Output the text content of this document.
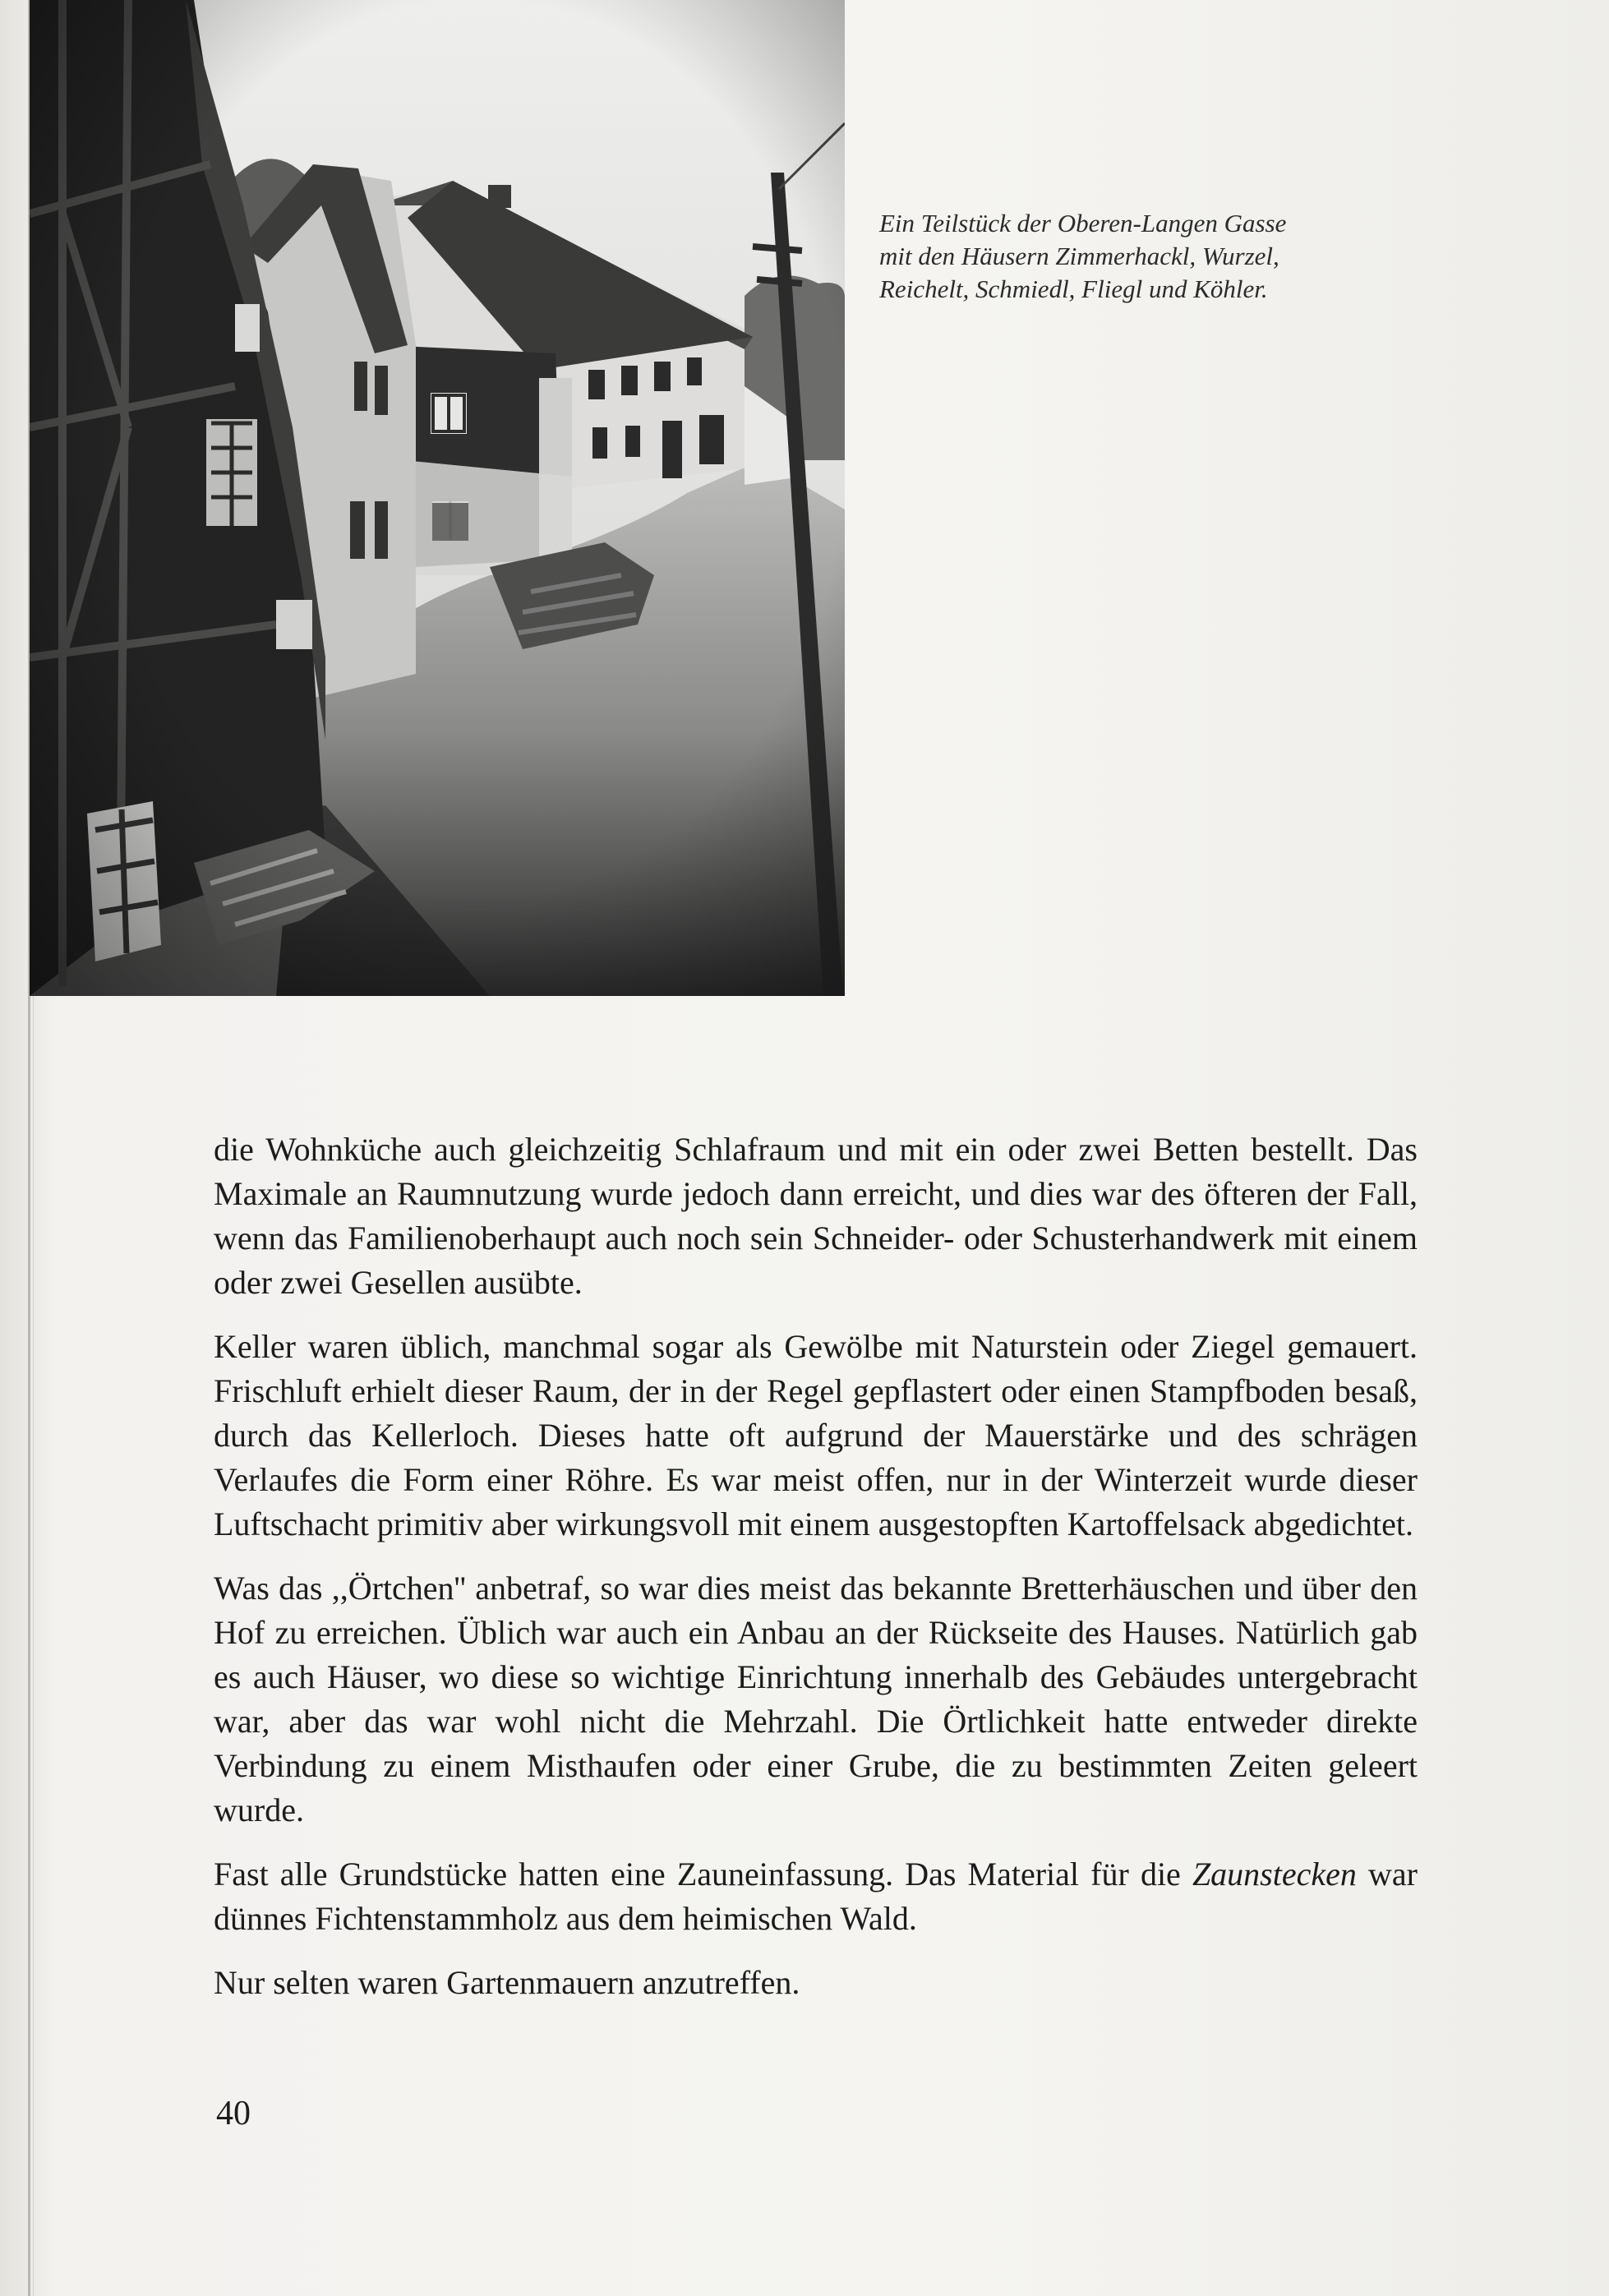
Ein Teilstück der Oberen-Langen Gasse

mit den Häusern Zimmerhackl, Wurzel,

Reichelt, Schmiedl, Fliegl und Köhler.

die Wohnküche auch gleichzeitig Schlafraum und mit ein oder zwei Betten bestellt. Das Maximale an Raumnutzung wurde jedoch dann erreicht, und dies war des öfteren der Fall, wenn das Familienoberhaupt auch noch sein Schneider- oder Schusterhandwerk mit einem oder zwei Gesellen ausübte.

Keller waren üblich, manchmal sogar als Gewölbe mit Naturstein oder Ziegel gemauert. Frischluft erhielt dieser Raum, der in der Regel gepflastert oder einen Stampfboden besaß, durch das Kellerloch. Dieses hatte oft aufgrund der Mauerstärke und des schrägen Verlaufes die Form einer Röhre. Es war meist offen, nur in der Winterzeit wurde dieser Luftschacht primitiv aber wirkungsvoll mit einem ausgestopften Kartoffelsack abgedichtet.

Was das ,,Örtchen'' anbetraf, so war dies meist das bekannte Bretterhäuschen und über den Hof zu erreichen. Üblich war auch ein Anbau an der Rückseite des Hauses. Natürlich gab es auch Häuser, wo diese so wichtige Einrichtung innerhalb des Gebäudes untergebracht war, aber das war wohl nicht die Mehrzahl. Die Örtlichkeit hatte entweder direkte Verbindung zu einem Misthaufen oder einer Grube, die zu bestimmten Zeiten geleert wurde.

Fast alle Grundstücke hatten eine Zauneinfassung. Das Material für die Zaunstecken war dünnes Fichtenstammholz aus dem heimischen Wald.

Nur selten waren Gartenmauern anzutreffen.

40
